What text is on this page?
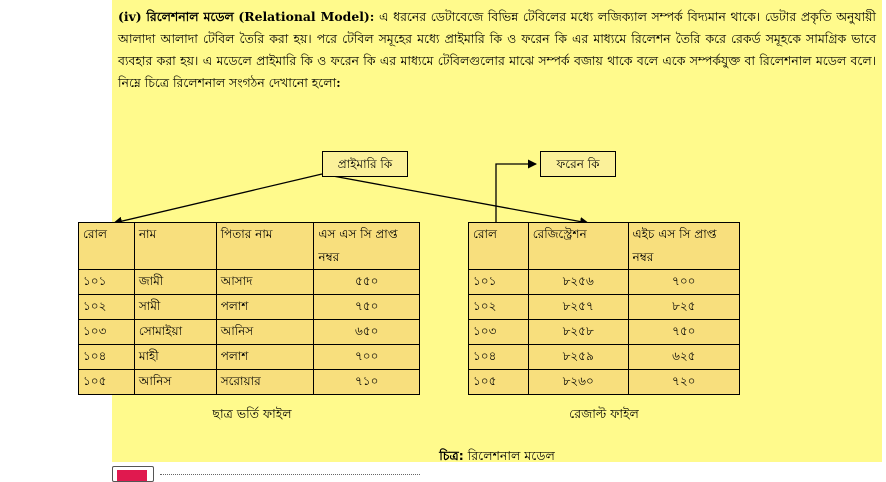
(iv) রিলেশনাল মডেল (Relational Model): এ ধরনের ডেটাবেজে বিভিন্ন টেবিলের মধ্যে লজিক্যাল সম্পর্ক বিদ্যমান থাকে। ডেটার প্রকৃতি অনুযায়ী আলাদা আলাদা টেবিল তৈরি করা হয়। পরে টেবিল সমূহের মধ্যে প্রাইমারি কি ও ফরেন কি এর মাধ্যমে রিলেশন তৈরি করে রেকর্ড সমূহকে সামগ্রিক ভাবে ব্যবহার করা হয়। এ মডেলে প্রাইমারি কি ও ফরেন কি এর মাধ্যমে টেবিলগুলোর মাঝে সম্পর্ক বজায় থাকে বলে একে সম্পর্কযুক্ত বা রিলেশনাল মডেল বলে। নিম্নে চিত্রে রিলেশনাল সংগঠন দেখানো হলো:
প্রাইমারি কি	ফরেন কি
রোল	নাম	পিতার নাম	এস এস সি প্রাপ্ত নম্বর
১০১	জামী	আসাদ	৫৫০
১০২	সামী	পলাশ	৭৫০
১০৩	সোমাইয়া	আনিস	৬৫০
১০৪	মাহী	পলাশ	৭০০
১০৫	আনিস	সরোয়ার	৭১০
ছাত্র ভর্তি ফাইল
রোল	রেজিস্ট্রেশন	এইচ এস সি প্রাপ্ত নম্বর
১০১	৮২৫৬	৭০০
১০২	৮২৫৭	৮২৫
১০৩	৮২৫৮	৭৫০
১০৪	৮২৫৯	৬২৫
১০৫	৮২৬০	৭২০
রেজাল্ট ফাইল
চিত্র: রিলেশনাল মডেল
